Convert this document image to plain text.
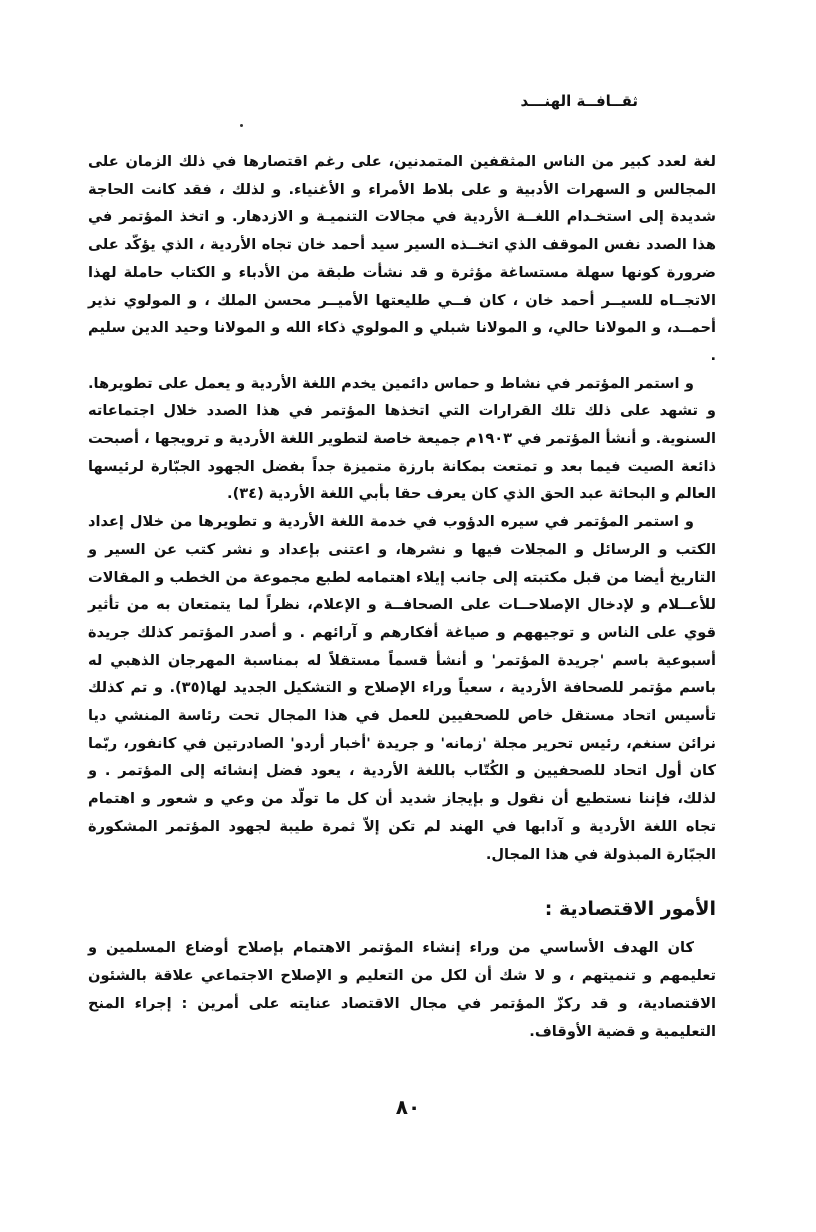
ثقــافــة الهنـــد

لغة لعدد كبير من الناس المثقفين المتمدنين، على رغم اقتصارها في ذلك الزمان على المجالس و السهرات الأدبية و على بلاط الأمراء و الأغنياء. و لذلك ، فقد كانت الحاجة شديدة إلى استخـدام اللغــة الأردية في مجالات التنميـة و الازدهار. و اتخذ المؤتمر في هذا الصدد نفس الموقف الذي اتخــذه السير سيد أحمد خان تجاه الأردية ، الذي يؤكّد على ضرورة كونها سهلة مستساغة مؤثرة و قد نشأت طبقة من الأدباء و الكتاب حاملة لهذا الاتجــاه للسيــر أحمد خان ، كان فــي طليعتها الأميــر محسن الملك ، و المولوي نذير أحمــد، و المولانا حالي، و المولانا شبلي و المولوي ذكاء الله و المولانا وحيد الدين سليم .

و استمر المؤتمر في نشاط و حماس دائمين يخدم اللغة الأردية و يعمل على تطويرها. و تشهد على ذلك تلك القرارات التي اتخذها المؤتمر في هذا الصدد خلال اجتماعاته السنوية. و أنشأ المؤتمر في ١٩٠٣م جميعة خاصة لتطوير اللغة الأردية و ترويجها ، أصبحت ذائعة الصيت فيما بعد و تمتعت بمكانة بارزة متميزة جداً بفضل الجهود الجبّارة لرئيسها العالم و البحاثة عبد الحق الذي كان يعرف حقا بأبي اللغة الأردية (٣٤).

و استمر المؤتمر في سيره الدؤوب في خدمة اللغة الأردية و تطويرها من خلال إعداد الكتب و الرسائل و المجلات فيها و نشرها، و اعتنى بإعداد و نشر كتب عن السير و التاريخ أيضا من قبل مكتبته إلى جانب إيلاء اهتمامه لطبع مجموعة من الخطب و المقالات للأعــلام و لإدخال الإصلاحــات على الصحافــة و الإعلام، نظراً لما يتمتعان به من تأثير قوي على الناس و توجيههم و صياغة أفكارهم و آرائهم . و أصدر المؤتمر كذلك جريدة أسبوعية باسم 'جريدة المؤتمر' و أنشأ قسماً مستقلاً له بمناسبة المهرجان الذهبي له باسم مؤتمر للصحافة الأردية ، سعياً وراء الإصلاح و التشكيل الجديد لها(٣٥). و تم كذلك تأسيس اتحاد مستقل خاص للصحفيين للعمل في هذا المجال تحت رئاسة المنشي ديا نرائن سنغم، رئيس تحرير مجلة 'زمانه' و جريدة 'أخبار أردو' الصادرتين في كانفور، ربّما كان أول اتحاد للصحفيين و الكُتّاب باللغة الأردية ، يعود فضل إنشائه إلى المؤتمر . و لذلك، فإننا نستطيع أن نقول و بإيجاز شديد أن كل ما تولّد من وعي و شعور و اهتمام تجاه اللغة الأردية و آدابها في الهند لم تكن إلاّ ثمرة طيبة لجهود المؤتمر المشكورة الجبّارة المبذولة في هذا المجال.

الأمور الاقتصادية :

كان الهدف الأساسي من وراء إنشاء المؤتمر الاهتمام بإصلاح أوضاع المسلمين و تعليمهم و تنميتهم ، و لا شك أن لكل من التعليم و الإصلاح الاجتماعي علاقة بالشئون الاقتصادية، و قد ركزّ المؤتمر في مجال الاقتصاد عنايته على أمرين : إجراء المنح التعليمية و قضية الأوقاف.

٨٠
